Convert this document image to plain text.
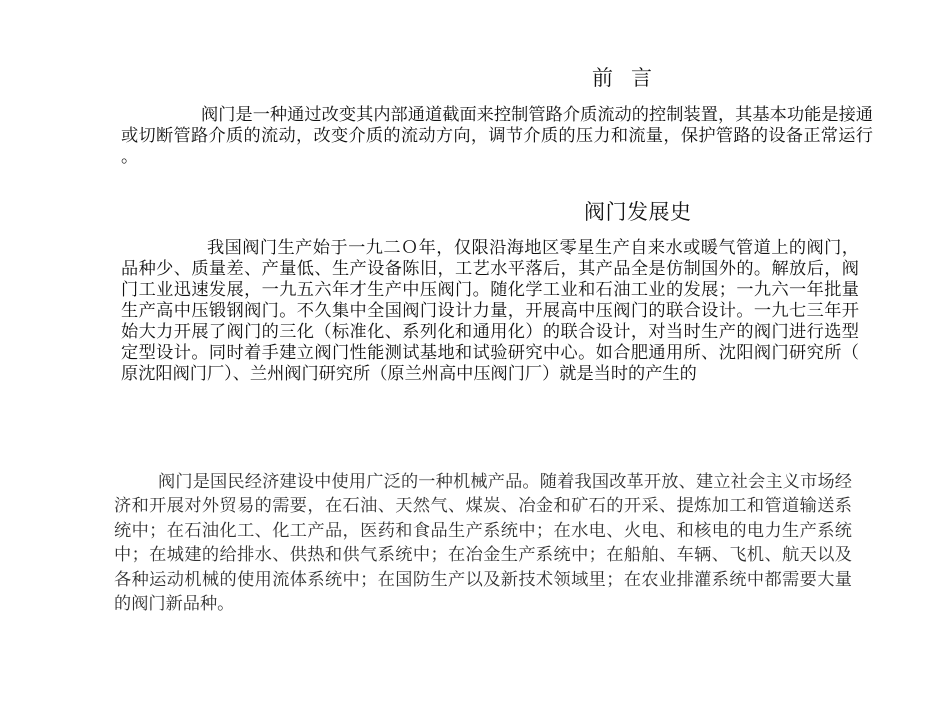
前言

阀门是一种通过改变其内部通道截面来控制管路介质流动的控制装置，其基本功能是接通或切断管路介质的流动，改变介质的流动方向，调节介质的压力和流量，保护管路的设备正常运行。

阀门发展史

我国阀门生产始于一九二Ｏ年，仅限沿海地区零星生产自来水或暖气管道上的阀门，品种少、质量差、产量低、生产设备陈旧，工艺水平落后，其产品全是仿制国外的。解放后，阀门工业迅速发展，一九五六年才生产中压阀门。随化学工业和石油工业的发展；一九六一年批量生产高中压锻钢阀门。不久集中全国阀门设计力量，开展高中压阀门的联合设计。一九七三年开始大力开展了阀门的三化（标准化、系列化和通用化）的联合设计，对当时生产的阀门进行选型定型设计。同时着手建立阀门性能测试基地和试验研究中心。如合肥通用所、沈阳阀门研究所（原沈阳阀门厂）、兰州阀门研究所（原兰州高中压阀门厂）就是当时的产生的

阀门是国民经济建设中使用广泛的一种机械产品。随着我国改革开放、建立社会主义市场经济和开展对外贸易的需要，在石油、天然气、煤炭、冶金和矿石的开采、提炼加工和管道输送系统中；在石油化工、化工产品，医药和食品生产系统中；在水电、火电、和核电的电力生产系统中；在城建的给排水、供热和供气系统中；在冶金生产系统中；在船舶、车辆、飞机、航天以及各种运动机械的使用流体系统中；在国防生产以及新技术领域里；在农业排灌系统中都需要大量的阀门新品种。
